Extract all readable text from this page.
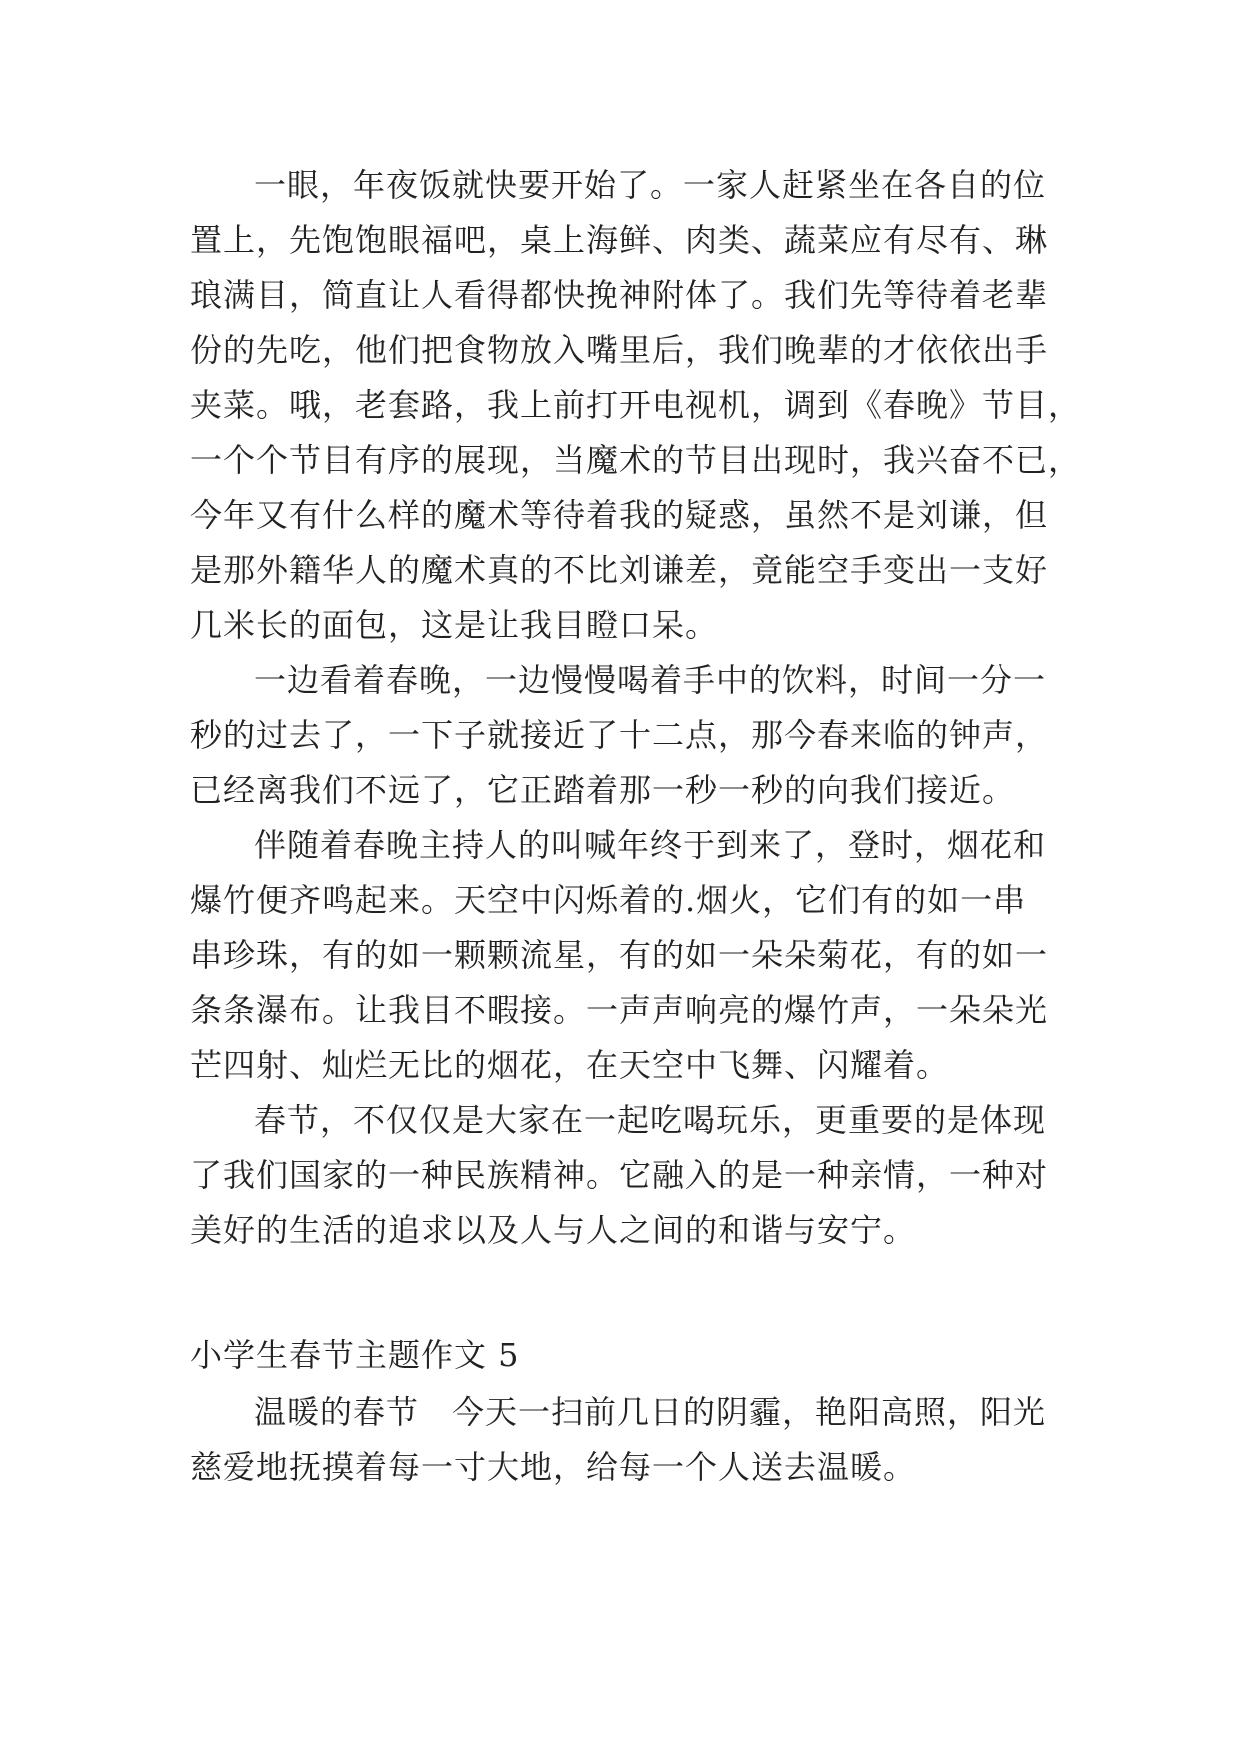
一眼，年夜饭就快要开始了。一家人赶紧坐在各自的位
置上，先饱饱眼福吧，桌上海鲜、肉类、蔬菜应有尽有、琳
琅满目，简直让人看得都快挽神附体了。我们先等待着老辈
份的先吃，他们把食物放入嘴里后，我们晚辈的才依依出手
夹菜。哦，老套路，我上前打开电视机，调到《春晚》节目，
一个个节目有序的展现，当魔术的节目出现时，我兴奋不已，
今年又有什么样的魔术等待着我的疑惑，虽然不是刘谦，但
是那外籍华人的魔术真的不比刘谦差，竟能空手变出一支好
几米长的面包，这是让我目瞪口呆。
一边看着春晚，一边慢慢喝着手中的饮料，时间一分一
秒的过去了，一下子就接近了十二点，那今春来临的钟声，
已经离我们不远了，它正踏着那一秒一秒的向我们接近。
伴随着春晚主持人的叫喊年终于到来了，登时，烟花和
爆竹便齐鸣起来。天空中闪烁着的.烟火，它们有的如一串
串珍珠，有的如一颗颗流星，有的如一朵朵菊花，有的如一
条条瀑布。让我目不暇接。一声声响亮的爆竹声，一朵朵光
芒四射、灿烂无比的烟花，在天空中飞舞、闪耀着。
春节，不仅仅是大家在一起吃喝玩乐，更重要的是体现
了我们国家的一种民族精神。它融入的是一种亲情，一种对
美好的生活的追求以及人与人之间的和谐与安宁。
小学生春节主题作文 5
温暖的春节　今天一扫前几日的阴霾，艳阳高照，阳光
慈爱地抚摸着每一寸大地，给每一个人送去温暖。
